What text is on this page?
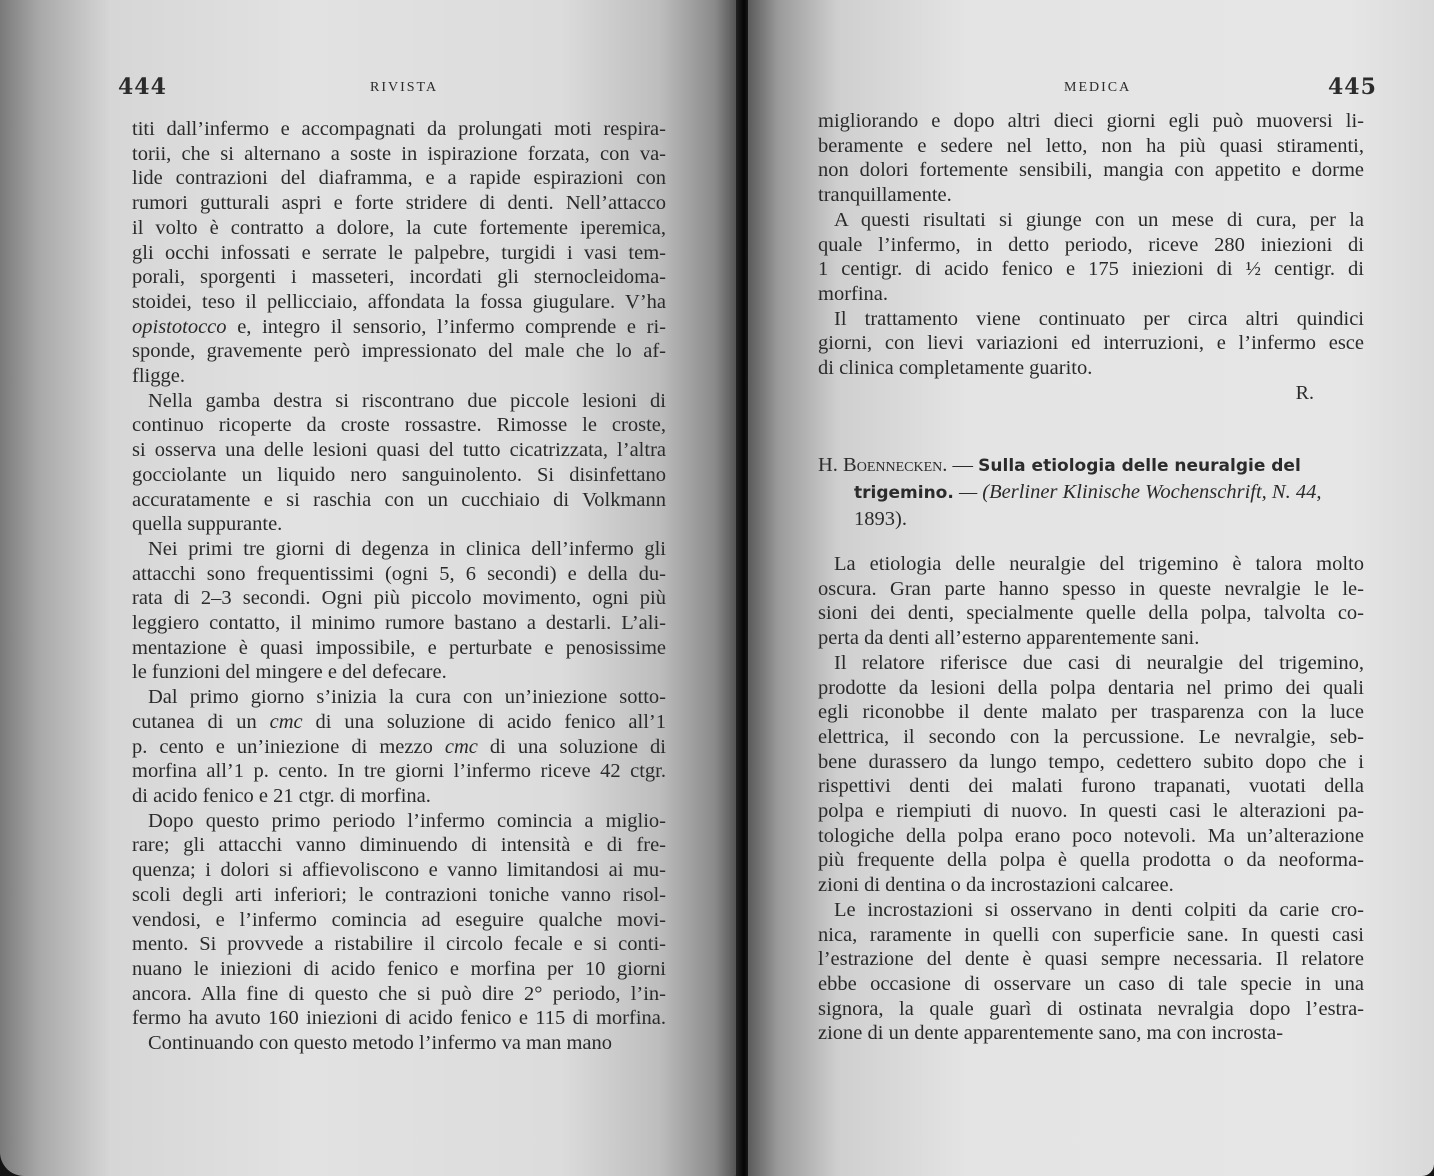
444	RIVISTA
titi dall’infermo e accompagnati da prolungati moti respira-
torii, che si alternano a soste in ispirazione forzata, con va-
lide contrazioni del diaframma, e a rapide espirazioni con
rumori gutturali aspri e forte stridere di denti. Nell’attacco
il volto è contratto a dolore, la cute fortemente iperemica,
gli occhi infossati e serrate le palpebre, turgidi i vasi tem-
porali, sporgenti i masseteri, incordati gli sternocleidoma-
stoidei, teso il pellicciaio, affondata la fossa giugulare. V’ha
opistotocco e, integro il sensorio, l’infermo comprende e ri-
sponde, gravemente però impressionato del male che lo af-
fligge.
Nella gamba destra si riscontrano due piccole lesioni di
continuo ricoperte da croste rossastre. Rimosse le croste,
si osserva una delle lesioni quasi del tutto cicatrizzata, l’altra
gocciolante un liquido nero sanguinolento. Si disinfettano
accuratamente e si raschia con un cucchiaio di Volkmann
quella suppurante.
Nei primi tre giorni di degenza in clinica dell’infermo gli
attacchi sono frequentissimi (ogni 5, 6 secondi) e della du-
rata di 2–3 secondi. Ogni più piccolo movimento, ogni più
leggiero contatto, il minimo rumore bastano a destarli. L’ali-
mentazione è quasi impossibile, e perturbate e penosissime
le funzioni del mingere e del defecare.
Dal primo giorno s’inizia la cura con un’iniezione sotto-
cutanea di un cmc di una soluzione di acido fenico all’1
p. cento e un’iniezione di mezzo cmc di una soluzione di
morfina all’1 p. cento. In tre giorni l’infermo riceve 42 ctgr.
di acido fenico e 21 ctgr. di morfina.
Dopo questo primo periodo l’infermo comincia a miglio-
rare; gli attacchi vanno diminuendo di intensità e di fre-
quenza; i dolori si affievoliscono e vanno limitandosi ai mu-
scoli degli arti inferiori; le contrazioni toniche vanno risol-
vendosi, e l’infermo comincia ad eseguire qualche movi-
mento. Si provvede a ristabilire il circolo fecale e si conti-
nuano le iniezioni di acido fenico e morfina per 10 giorni
ancora. Alla fine di questo che si può dire 2° periodo, l’in-
fermo ha avuto 160 iniezioni di acido fenico e 115 di morfina.
Continuando con questo metodo l’infermo va man mano
MEDICA	445
migliorando e dopo altri dieci giorni egli può muoversi li-
beramente e sedere nel letto, non ha più quasi stiramenti,
non dolori fortemente sensibili, mangia con appetito e dorme
tranquillamente.
A questi risultati si giunge con un mese di cura, per la
quale l’infermo, in detto periodo, riceve 280 iniezioni di
1 centigr. di acido fenico e 175 iniezioni di ½ centigr. di
morfina.
Il trattamento viene continuato per circa altri quindici
giorni, con lievi variazioni ed interruzioni, e l’infermo esce
di clinica completamente guarito.
R.
H. Boennecken. — Sulla etiologia delle neuralgie del
trigemino. — (Berliner Klinische Wochenschrift, N. 44,
1893).
La etiologia delle neuralgie del trigemino è talora molto
oscura. Gran parte hanno spesso in queste nevralgie le le-
sioni dei denti, specialmente quelle della polpa, talvolta co-
perta da denti all’esterno apparentemente sani.
Il relatore riferisce due casi di neuralgie del trigemino,
prodotte da lesioni della polpa dentaria nel primo dei quali
egli riconobbe il dente malato per trasparenza con la luce
elettrica, il secondo con la percussione. Le nevralgie, seb-
bene durassero da lungo tempo, cedettero subito dopo che i
rispettivi denti dei malati furono trapanati, vuotati della
polpa e riempiuti di nuovo. In questi casi le alterazioni pa-
tologiche della polpa erano poco notevoli. Ma un’alterazione
più frequente della polpa è quella prodotta o da neoforma-
zioni di dentina o da incrostazioni calcaree.
Le incrostazioni si osservano in denti colpiti da carie cro-
nica, raramente in quelli con superficie sane. In questi casi
l’estrazione del dente è quasi sempre necessaria. Il relatore
ebbe occasione di osservare un caso di tale specie in una
signora, la quale guarì di ostinata nevralgia dopo l’estra-
zione di un dente apparentemente sano, ma con incrosta-
